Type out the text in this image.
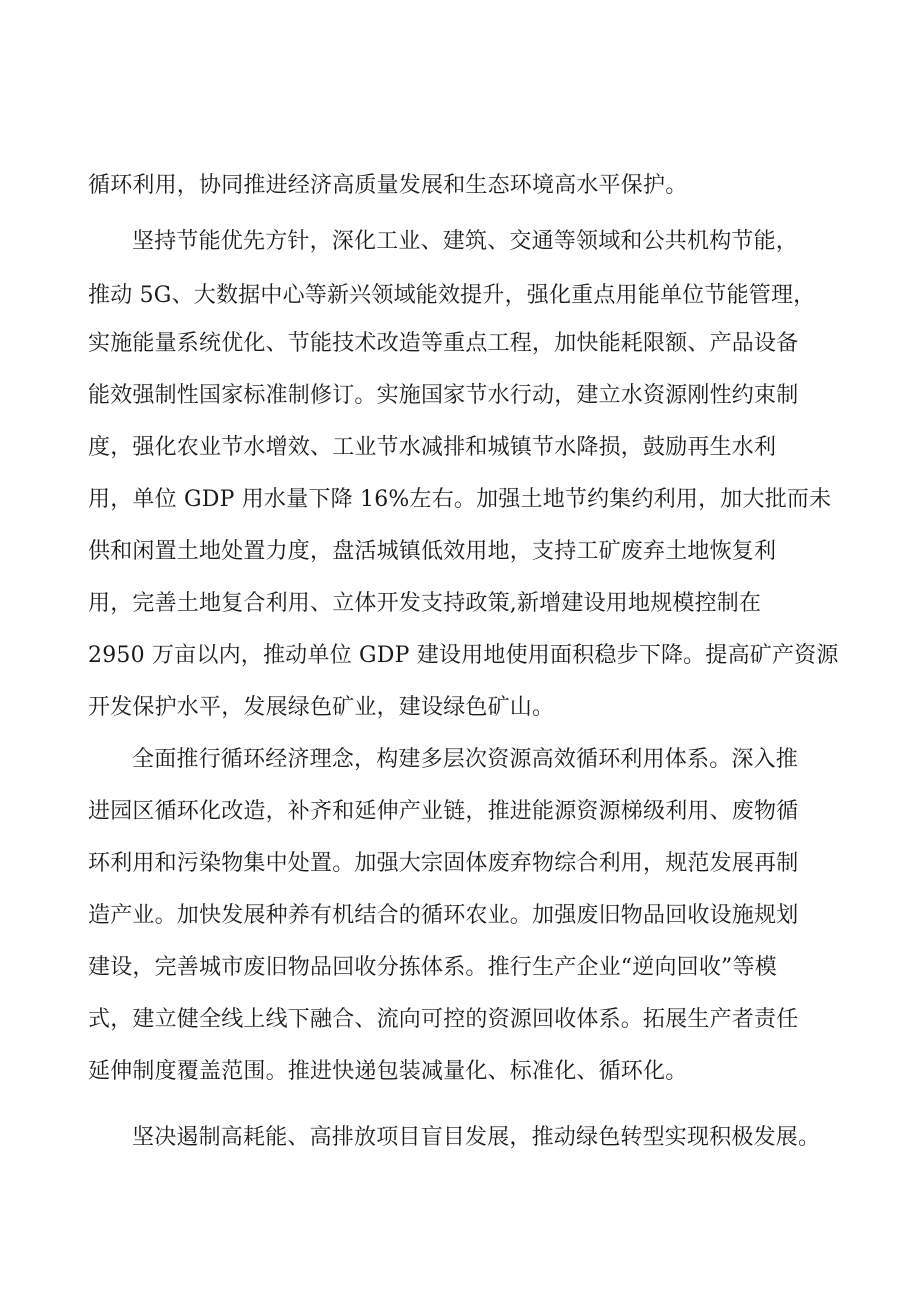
循环利用，协同推进经济高质量发展和生态环境高水平保护。

坚持节能优先方针，深化工业、建筑、交通等领域和公共机构节能，

推动 5G、大数据中心等新兴领域能效提升，强化重点用能单位节能管理，

实施能量系统优化、节能技术改造等重点工程，加快能耗限额、产品设备

能效强制性国家标准制修订。实施国家节水行动，建立水资源刚性约束制

度，强化农业节水增效、工业节水减排和城镇节水降损，鼓励再生水利

用，单位 GDP 用水量下降 16%左右。加强土地节约集约利用，加大批而未

供和闲置土地处置力度，盘活城镇低效用地，支持工矿废弃土地恢复利

用，完善土地复合利用、立体开发支持政策,新增建设用地规模控制在

2950 万亩以内，推动单位 GDP 建设用地使用面积稳步下降。提高矿产资源

开发保护水平，发展绿色矿业，建设绿色矿山。

全面推行循环经济理念，构建多层次资源高效循环利用体系。深入推

进园区循环化改造，补齐和延伸产业链，推进能源资源梯级利用、废物循

环利用和污染物集中处置。加强大宗固体废弃物综合利用，规范发展再制

造产业。加快发展种养有机结合的循环农业。加强废旧物品回收设施规划

建设，完善城市废旧物品回收分拣体系。推行生产企业“逆向回收”等模

式，建立健全线上线下融合、流向可控的资源回收体系。拓展生产者责任

延伸制度覆盖范围。推进快递包装减量化、标准化、循环化。

坚决遏制高耗能、高排放项目盲目发展，推动绿色转型实现积极发展。
